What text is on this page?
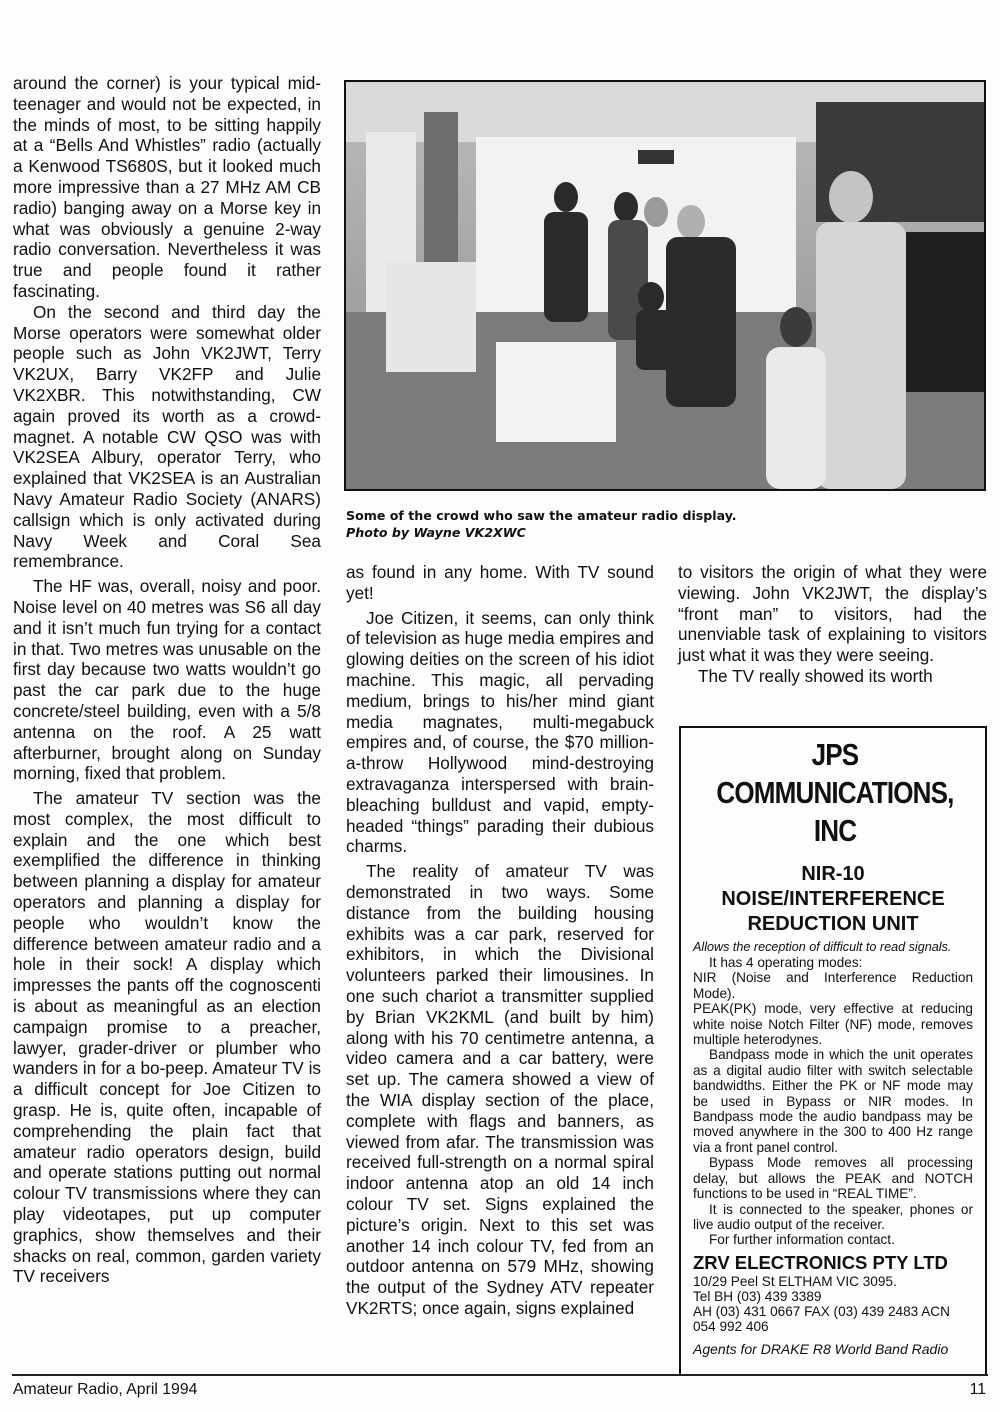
around the corner) is your typical mid-teenager and would not be expected, in the minds of most, to be sitting happily at a “Bells And Whistles” radio (actually a Kenwood TS680S, but it looked much more impressive than a 27 MHz AM CB radio) banging away on a Morse key in what was obviously a genuine 2-way radio conversation. Nevertheless it was true and people found it rather fascinating.

On the second and third day the Morse operators were somewhat older people such as John VK2JWT, Terry VK2UX, Barry VK2FP and Julie VK2XBR. This notwithstanding, CW again proved its worth as a crowd-magnet. A notable CW QSO was with VK2SEA Albury, operator Terry, who explained that VK2SEA is an Australian Navy Amateur Radio Society (ANARS) callsign which is only activated during Navy Week and Coral Sea remembrance.

The HF was, overall, noisy and poor. Noise level on 40 metres was S6 all day and it isn’t much fun trying for a contact in that. Two metres was unusable on the first day because two watts wouldn’t go past the car park due to the huge concrete/steel building, even with a 5/8 antenna on the roof. A 25 watt afterburner, brought along on Sunday morning, fixed that problem.

The amateur TV section was the most complex, the most difficult to explain and the one which best exemplified the difference in thinking between planning a display for amateur operators and planning a display for people who wouldn’t know the difference between amateur radio and a hole in their sock! A display which impresses the pants off the cognoscenti is about as meaningful as an election campaign promise to a preacher, lawyer, grader-driver or plumber who wanders in for a bo-peep. Amateur TV is a difficult concept for Joe Citizen to grasp. He is, quite often, incapable of comprehending the plain fact that amateur radio operators design, build and operate stations putting out normal colour TV transmissions where they can play videotapes, put up computer graphics, show themselves and their shacks on real, common, garden variety TV receivers

Some of the crowd who saw the amateur radio display.
Photo by Wayne VK2XWC

as found in any home. With TV sound yet!

Joe Citizen, it seems, can only think of television as huge media empires and glowing deities on the screen of his idiot machine. This magic, all pervading medium, brings to his/her mind giant media magnates, multi-megabuck empires and, of course, the $70 million-a-throw Hollywood mind-destroying extravaganza interspersed with brain-bleaching bulldust and vapid, empty-headed “things” parading their dubious charms.

The reality of amateur TV was demonstrated in two ways. Some distance from the building housing exhibits was a car park, reserved for exhibitors, in which the Divisional volunteers parked their limousines. In one such chariot a transmitter supplied by Brian VK2KML (and built by him) along with his 70 centimetre antenna, a video camera and a car battery, were set up. The camera showed a view of the WIA display section of the place, complete with flags and banners, as viewed from afar. The transmission was received full-strength on a normal spiral indoor antenna atop an old 14 inch colour TV set. Signs explained the picture’s origin. Next to this set was another 14 inch colour TV, fed from an outdoor antenna on 579 MHz, showing the output of the Sydney ATV repeater VK2RTS; once again, signs explained

to visitors the origin of what they were viewing. John VK2JWT, the display’s “front man” to visitors, had the unenviable task of explaining to visitors just what it was they were seeing.

The TV really showed its worth

JPS COMMUNICATIONS, INC
NIR-10 NOISE/INTERFERENCE REDUCTION UNIT
Allows the reception of difficult to read signals.
It has 4 operating modes:
NIR (Noise and Interference Reduction Mode).
PEAK(PK) mode, very effective at reducing white noise Notch Filter (NF) mode, removes multiple heterodynes.
Bandpass mode in which the unit operates as a digital audio filter with switch selectable bandwidths. Either the PK or NF mode may be used in Bypass or NIR modes. In Bandpass mode the audio bandpass may be moved anywhere in the 300 to 400 Hz range via a front panel control.
Bypass Mode removes all processing delay, but allows the PEAK and NOTCH functions to be used in “REAL TIME”.
It is connected to the speaker, phones or live audio output of the receiver.
For further information contact.
ZRV ELECTRONICS PTY LTD
10/29 Peel St ELTHAM VIC 3095.
Tel BH (03) 439 3389
AH (03) 431 0667 FAX (03) 439 2483 ACN 054 992 406
Agents for DRAKE R8 World Band Radio
Amateur Radio, April 1994	11
